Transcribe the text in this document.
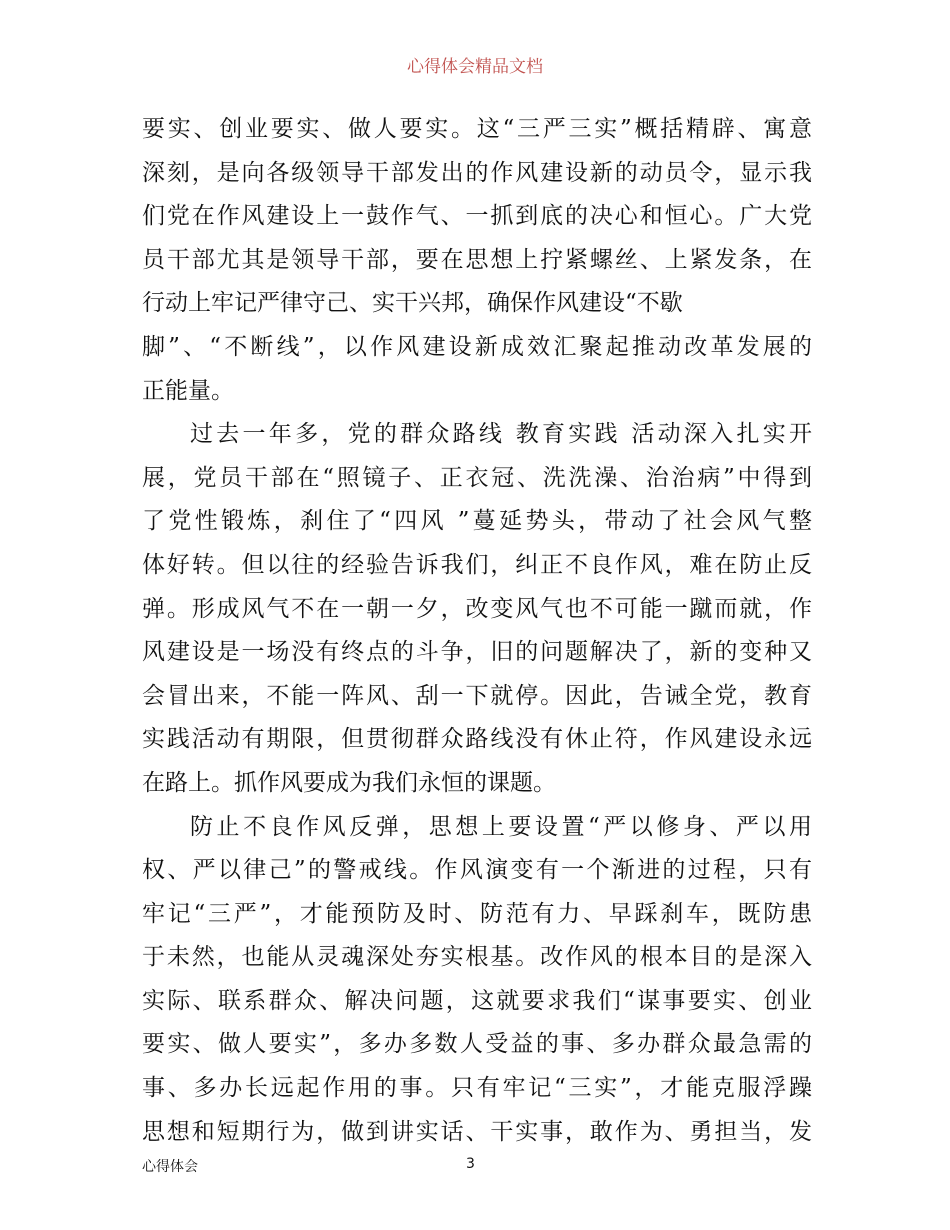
心得体会精品文档
要实、创业要实、做人要实。这“三严三实”概括精辟、寓意
深刻，是向各级领导干部发出的作风建设新的动员令，显示我
们党在作风建设上一鼓作气、一抓到底的决心和恒心。广大党
员干部尤其是领导干部，要在思想上拧紧螺丝、上紧发条，在
行动上牢记严律守己、实干兴邦，确保作风建设“不歇
脚”、“不断线”，以作风建设新成效汇聚起推动改革发展的
正能量。
过去一年多，党的群众路线 教育实践 活动深入扎实开
展，党员干部在“照镜子、正衣冠、洗洗澡、治治病”中得到
了党性锻炼，刹住了“四风 ”蔓延势头，带动了社会风气整
体好转。但以往的经验告诉我们，纠正不良作风，难在防止反
弹。形成风气不在一朝一夕，改变风气也不可能一蹴而就，作
风建设是一场没有终点的斗争，旧的问题解决了，新的变种又
会冒出来，不能一阵风、刮一下就停。因此，告诫全党，教育
实践活动有期限，但贯彻群众路线没有休止符，作风建设永远
在路上。抓作风要成为我们永恒的课题。
防止不良作风反弹，思想上要设置“严以修身、严以用
权、严以律己”的警戒线。作风演变有一个渐进的过程，只有
牢记“三严”，才能预防及时、防范有力、早踩刹车，既防患
于未然，也能从灵魂深处夯实根基。改作风的根本目的是深入
实际、联系群众、解决问题，这就要求我们“谋事要实、创业
要实、做人要实”，多办多数人受益的事、多办群众最急需的
事、多办长远起作用的事。只有牢记“三实”，才能克服浮躁
思想和短期行为，做到讲实话、干实事，敢作为、勇担当，发
心得体会	3
